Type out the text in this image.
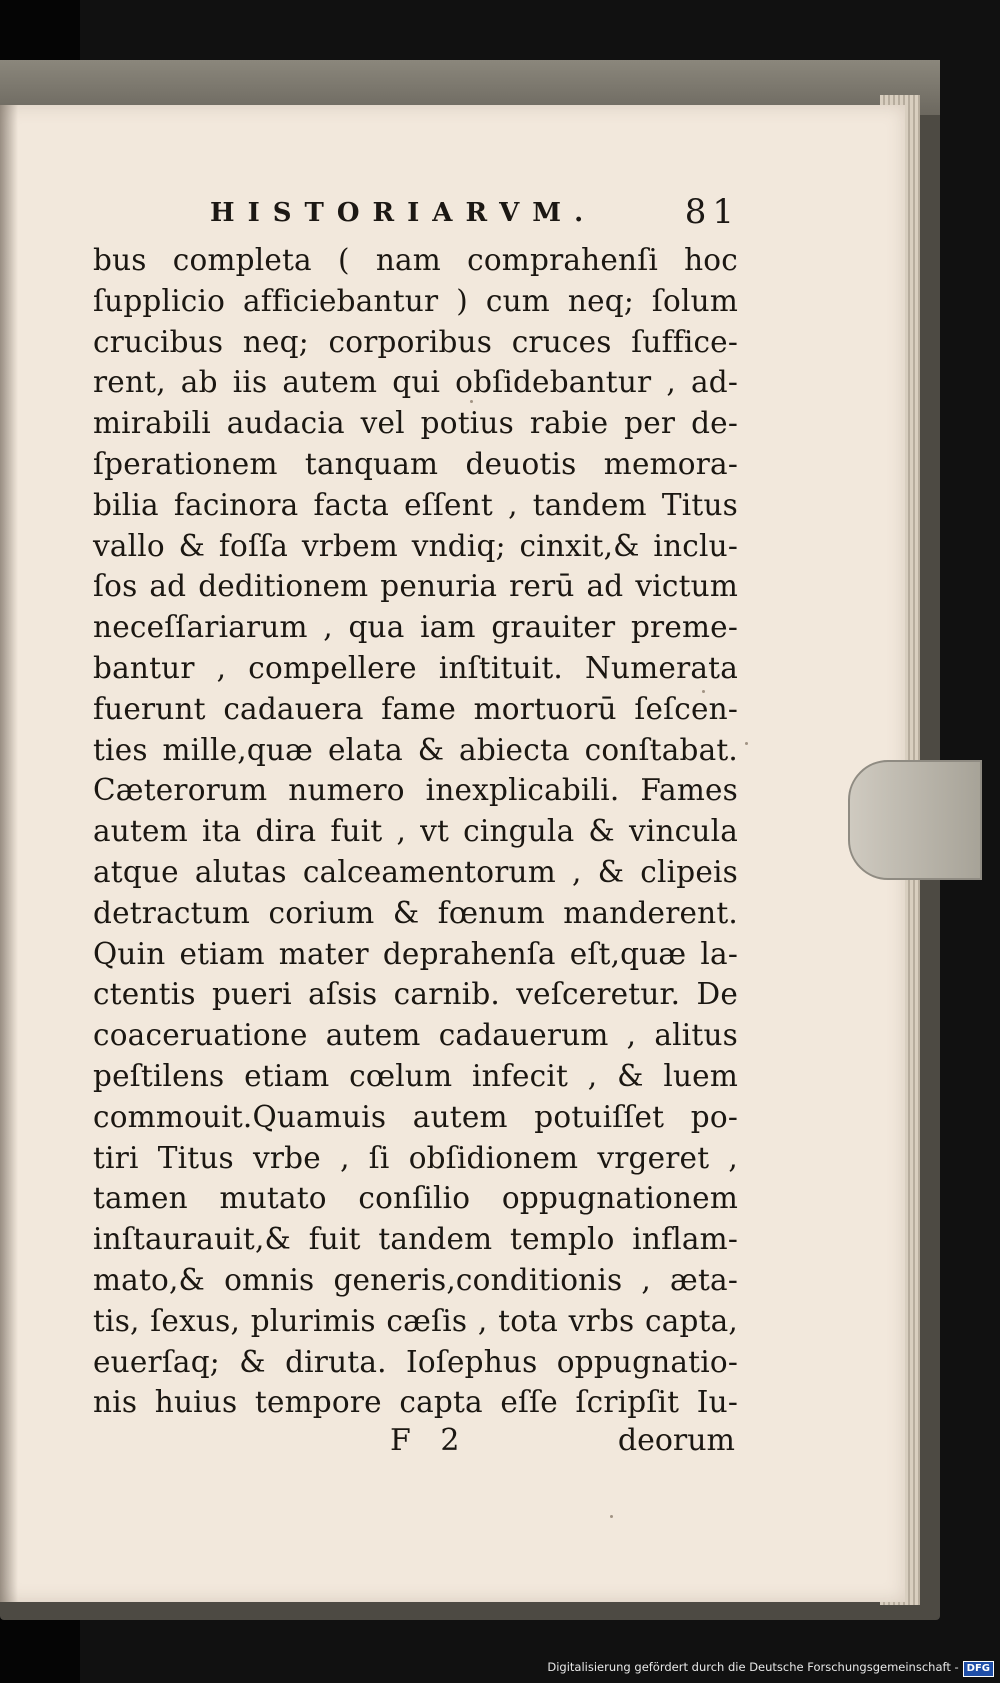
HISTORIARVM.	81
bus completa ( nam comprahenſi hoc
ſupplicio afficiebantur ) cum neq; ſolum
crucibus neq; corporibus cruces ſuffice-
rent, ab iis autem qui obſidebantur , ad-
mirabili audacia vel potius rabie per de-
ſperationem tanquam deuotis memora-
bilia facinora facta eſſent , tandem Titus
vallo & foſſa vrbem vndiq; cinxit,& inclu-
ſos ad deditionem penuria rerū ad victum
neceſſariarum , qua iam grauiter preme-
bantur , compellere inſtituit. Numerata
fuerunt cadauera fame mortuorū ſeſcen-
ties mille,quæ elata & abiecta conſtabat.
Cæterorum numero inexplicabili. Fames
autem ita dira fuit , vt cingula & vincula
atque alutas calceamentorum , & clipeis
detractum corium & fœnum manderent.
Quin etiam mater deprahenſa eſt,quæ la-
ctentis pueri aſsis carnib. veſceretur. De
coaceruatione autem cadauerum , alitus
peſtilens etiam cœlum infecit , & luem
commouit.Quamuis autem potuiſſet po-
tiri Titus vrbe , ſi obſidionem vrgeret ,
tamen mutato conſilio oppugnationem
inſtaurauit,& fuit tandem templo inflam-
mato,& omnis generis,conditionis , æta-
tis, ſexus, plurimis cæſis , tota vrbs capta,
euerſaq; & diruta. Ioſephus oppugnatio-
nis huius tempore capta eſſe ſcripſit Iu-
F 2	deorum
Digitalisierung gefördert durch die Deutsche Forschungsgemeinschaft - DFG
